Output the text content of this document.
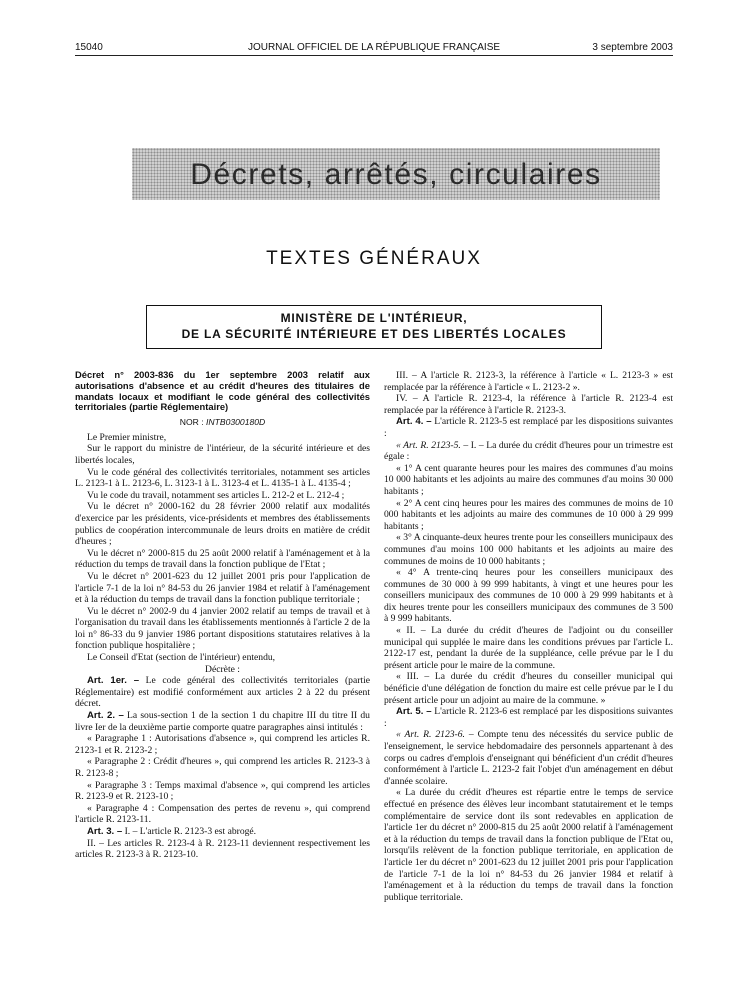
15040	JOURNAL OFFICIEL DE LA RÉPUBLIQUE FRANÇAISE	3 septembre 2003
Décrets, arrêtés, circulaires
TEXTES GÉNÉRAUX
MINISTÈRE DE L'INTÉRIEUR,
DE LA SÉCURITÉ INTÉRIEURE ET DES LIBERTÉS LOCALES

Décret n° 2003-836 du 1er septembre 2003 relatif aux autorisations d'absence et au crédit d'heures des titulaires de mandats locaux et modifiant le code général des collectivités territoriales (partie Réglementaire)

NOR : INTB0300180D

Le Premier ministre,

Sur le rapport du ministre de l'intérieur, de la sécurité intérieure et des libertés locales,

Vu le code général des collectivités territoriales, notamment ses articles L. 2123-1 à L. 2123-6, L. 3123-1 à L. 3123-4 et L. 4135-1 à L. 4135-4 ;

Vu le code du travail, notamment ses articles L. 212-2 et L. 212-4 ;

Vu le décret n° 2000-162 du 28 février 2000 relatif aux modalités d'exercice par les présidents, vice-présidents et membres des établissements publics de coopération intercommunale de leurs droits en matière de crédit d'heures ;

Vu le décret n° 2000-815 du 25 août 2000 relatif à l'aménagement et à la réduction du temps de travail dans la fonction publique de l'Etat ;

Vu le décret n° 2001-623 du 12 juillet 2001 pris pour l'application de l'article 7-1 de la loi n° 84-53 du 26 janvier 1984 et relatif à l'aménagement et à la réduction du temps de travail dans la fonction publique territoriale ;

Vu le décret n° 2002-9 du 4 janvier 2002 relatif au temps de travail et à l'organisation du travail dans les établissements mentionnés à l'article 2 de la loi n° 86-33 du 9 janvier 1986 portant dispositions statutaires relatives à la fonction publique hospitalière ;

Le Conseil d'Etat (section de l'intérieur) entendu,

Décrète :

Art. 1er. – Le code général des collectivités territoriales (partie Réglementaire) est modifié conformément aux articles 2 à 22 du présent décret.

Art. 2. – La sous-section 1 de la section 1 du chapitre III du titre II du livre Ier de la deuxième partie comporte quatre paragraphes ainsi intitulés :

« Paragraphe 1 : Autorisations d'absence », qui comprend les articles R. 2123-1 et R. 2123-2 ;

« Paragraphe 2 : Crédit d'heures », qui comprend les articles R. 2123-3 à R. 2123-8 ;

« Paragraphe 3 : Temps maximal d'absence », qui comprend les articles R. 2123-9 et R. 2123-10 ;

« Paragraphe 4 : Compensation des pertes de revenu », qui comprend l'article R. 2123-11.

Art. 3. – I. – L'article R. 2123-3 est abrogé.

II. – Les articles R. 2123-4 à R. 2123-11 deviennent respectivement les articles R. 2123-3 à R. 2123-10.

III. – A l'article R. 2123-3, la référence à l'article « L. 2123-3 » est remplacée par la référence à l'article « L. 2123-2 ».

IV. – A l'article R. 2123-4, la référence à l'article R. 2123-4 est remplacée par la référence à l'article R. 2123-3.

Art. 4. – L'article R. 2123-5 est remplacé par les dispositions suivantes :

« Art. R. 2123-5. – I. – La durée du crédit d'heures pour un trimestre est égale :

« 1° A cent quarante heures pour les maires des communes d'au moins 10 000 habitants et les adjoints au maire des communes d'au moins 30 000 habitants ;

« 2° A cent cinq heures pour les maires des communes de moins de 10 000 habitants et les adjoints au maire des communes de 10 000 à 29 999 habitants ;

« 3° A cinquante-deux heures trente pour les conseillers municipaux des communes d'au moins 100 000 habitants et les adjoints au maire des communes de moins de 10 000 habitants ;

« 4° A trente-cinq heures pour les conseillers municipaux des communes de 30 000 à 99 999 habitants, à vingt et une heures pour les conseillers municipaux des communes de 10 000 à 29 999 habitants et à dix heures trente pour les conseillers municipaux des communes de 3 500 à 9 999 habitants.

« II. – La durée du crédit d'heures de l'adjoint ou du conseiller municipal qui supplée le maire dans les conditions prévues par l'article L. 2122-17 est, pendant la durée de la suppléance, celle prévue par le I du présent article pour le maire de la commune.

« III. – La durée du crédit d'heures du conseiller municipal qui bénéficie d'une délégation de fonction du maire est celle prévue par le I du présent article pour un adjoint au maire de la commune. »

Art. 5. – L'article R. 2123-6 est remplacé par les dispositions suivantes :

« Art. R. 2123-6. – Compte tenu des nécessités du service public de l'enseignement, le service hebdomadaire des personnels appartenant à des corps ou cadres d'emplois d'enseignant qui bénéficient d'un crédit d'heures conformément à l'article L. 2123-2 fait l'objet d'un aménagement en début d'année scolaire.

« La durée du crédit d'heures est répartie entre le temps de service effectué en présence des élèves leur incombant statutairement et le temps complémentaire de service dont ils sont redevables en application de l'article 1er du décret n° 2000-815 du 25 août 2000 relatif à l'aménagement et à la réduction du temps de travail dans la fonction publique de l'Etat ou, lorsqu'ils relèvent de la fonction publique territoriale, en application de l'article 1er du décret n° 2001-623 du 12 juillet 2001 pris pour l'application de l'article 7-1 de la loi n° 84-53 du 26 janvier 1984 et relatif à l'aménagement et à la réduction du temps de travail dans la fonction publique territoriale.
